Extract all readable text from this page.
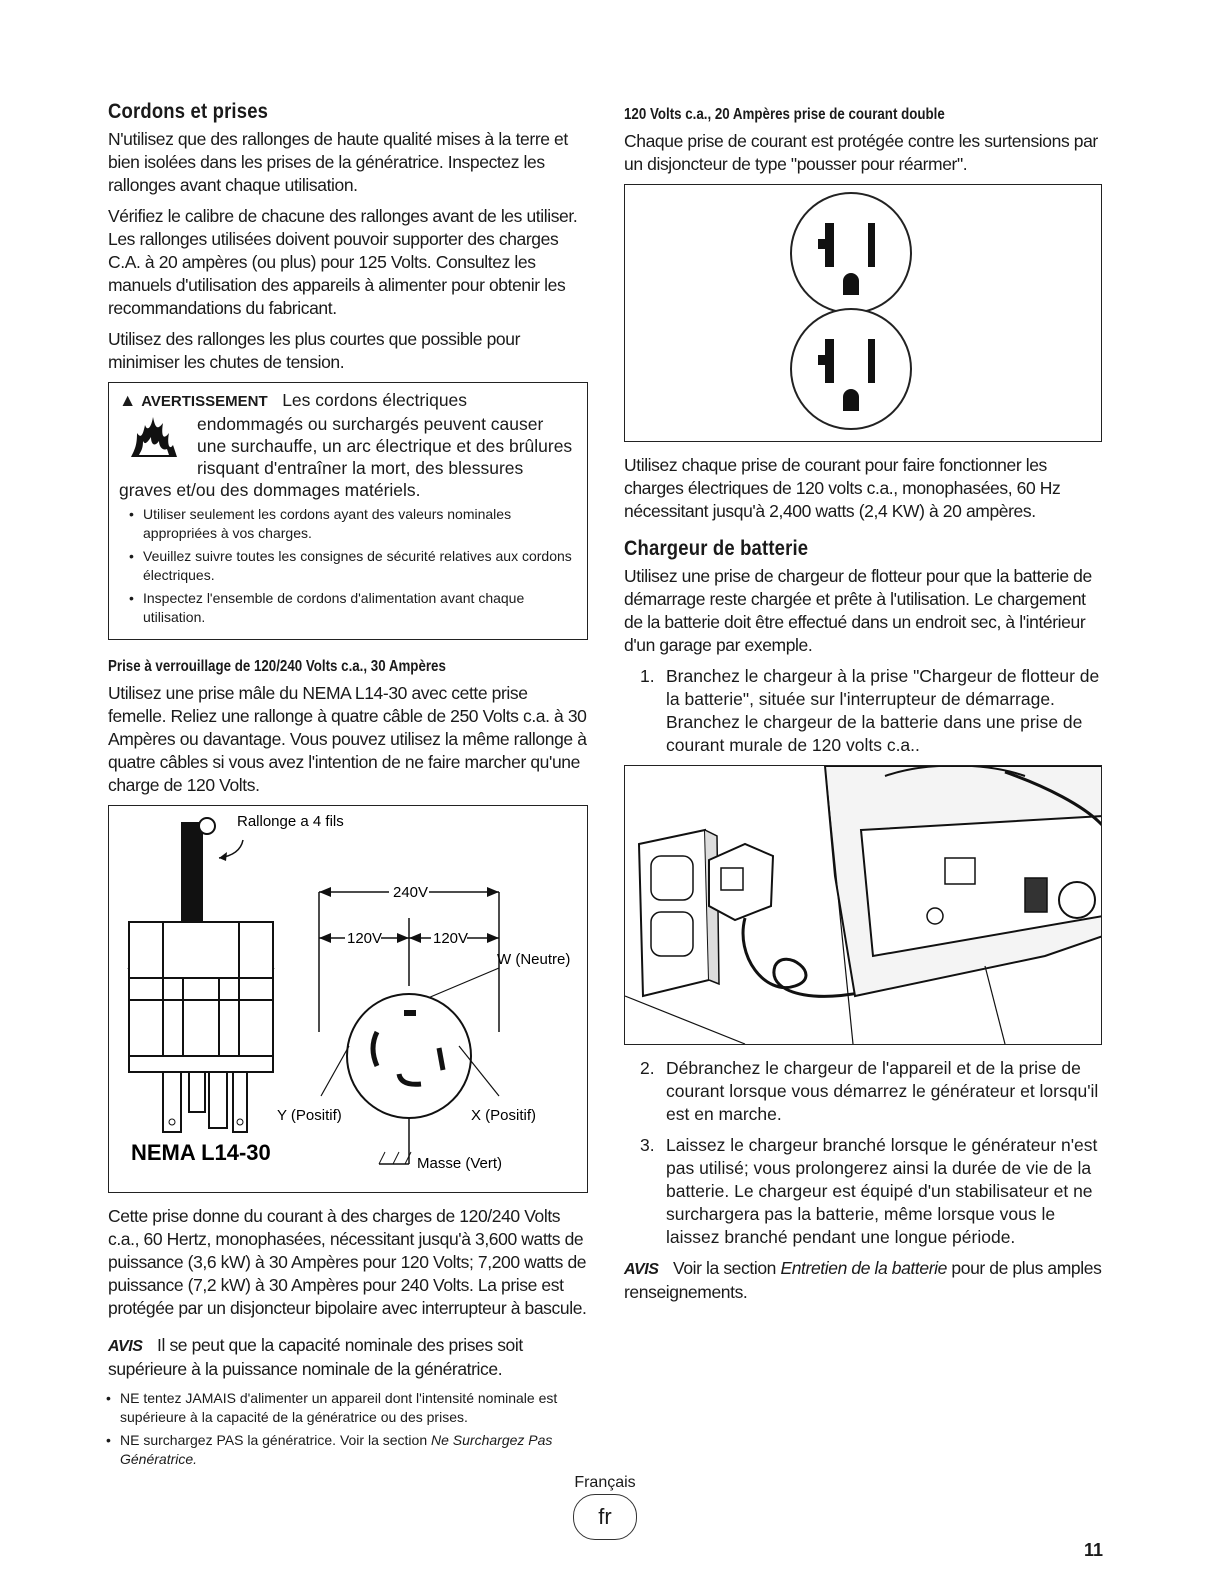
Cordons et prises

N'utilisez que des rallonges de haute qualité mises à la terre et bien isolées dans les prises de la génératrice. Inspectez les rallonges avant chaque utilisation.

Vérifiez le calibre de chacune des rallonges avant de les utiliser. Les rallonges utilisées doivent pouvoir supporter des charges C.A. à 20 ampères (ou plus) pour 125 Volts. Consultez les manuels d'utilisation des appareils à alimenter pour obtenir les recommandations du fabricant.

Utilisez des rallonges les plus courtes que possible pour minimiser les chutes de tension.

▲ AVERTISSEMENT Les cordons électriques
endommagés ou surchargés peuvent causer une surchauffe, un arc électrique et des brûlures risquant d'entraîner la mort, des blessures
graves et/ou des dommages matériels.
• Utiliser seulement les cordons ayant des valeurs nominales appropriées à vos charges.
• Veuillez suivre toutes les consignes de sécurité relatives aux cordons électriques.
• Inspectez l'ensemble de cordons d'alimentation avant chaque utilisation.
Prise à verrouillage de 120/240 Volts c.a., 30 Ampères

Utilisez une prise mâle du NEMA L14-30 avec cette prise femelle. Reliez une rallonge à quatre câble de 250 Volts c.a. à 30 Ampères ou davantage. Vous pouvez utilisez la même rallonge à quatre câbles si vous avez l'intention de ne faire marcher qu'une charge de 120 Volts.

Rallonge a 4 fils
NEMA L14-30
240V
120V	120V
W (Neutre)
Masse (Vert)
Y (Positif)	X (Positif)

Cette prise donne du courant à des charges de 120/240 Volts c.a., 60 Hertz, monophasées, nécessitant jusqu'à 3,600 watts de puissance (3,6 kW) à 30 Ampères pour 120 Volts; 7,200 watts de puissance (7,2 kW) à 30 Ampères pour 240 Volts. La prise est protégée par un disjoncteur bipolaire avec interrupteur à bascule.

AVIS Il se peut que la capacité nominale des prises soit supérieure à la puissance nominale de la génératrice.

• NE tentez JAMAIS d'alimenter un appareil dont l'intensité nominale est supérieure à la capacité de la génératrice ou des prises.
• NE surchargez PAS la génératrice. Voir la section Ne Surchargez Pas Génératrice.
120 Volts c.a., 20 Ampères prise de courant double

Chaque prise de courant est protégée contre les surtensions par un disjoncteur de type "pousser pour réarmer".

Utilisez chaque prise de courant pour faire fonctionner les charges électriques de 120 volts c.a., monophasées, 60 Hz nécessitant jusqu'à 2,400 watts (2,4 KW) à 20 ampères.

Chargeur de batterie

Utilisez une prise de chargeur de flotteur pour que la batterie de démarrage reste chargée et prête à l'utilisation. Le chargement de la batterie doit être effectué dans un endroit sec, à l'intérieur d'un garage par exemple.

1. Branchez le chargeur à la prise "Chargeur de flotteur de la batterie", située sur l'interrupteur de démarrage. Branchez le chargeur de la batterie dans une prise de courant murale de 120 volts c.a..
2. Débranchez le chargeur de l'appareil et de la prise de courant lorsque vous démarrez le générateur et lorsqu'il est en marche.
3. Laissez le chargeur branché lorsque le générateur n'est pas utilisé; vous prolongerez ainsi la durée de vie de la batterie. Le chargeur est équipé d'un stabilisateur et ne surchargera pas la batterie, même lorsque vous le laissez branché pendant une longue période.

AVIS Voir la section Entretien de la batterie pour de plus amples renseignements.

Français
fr
11
